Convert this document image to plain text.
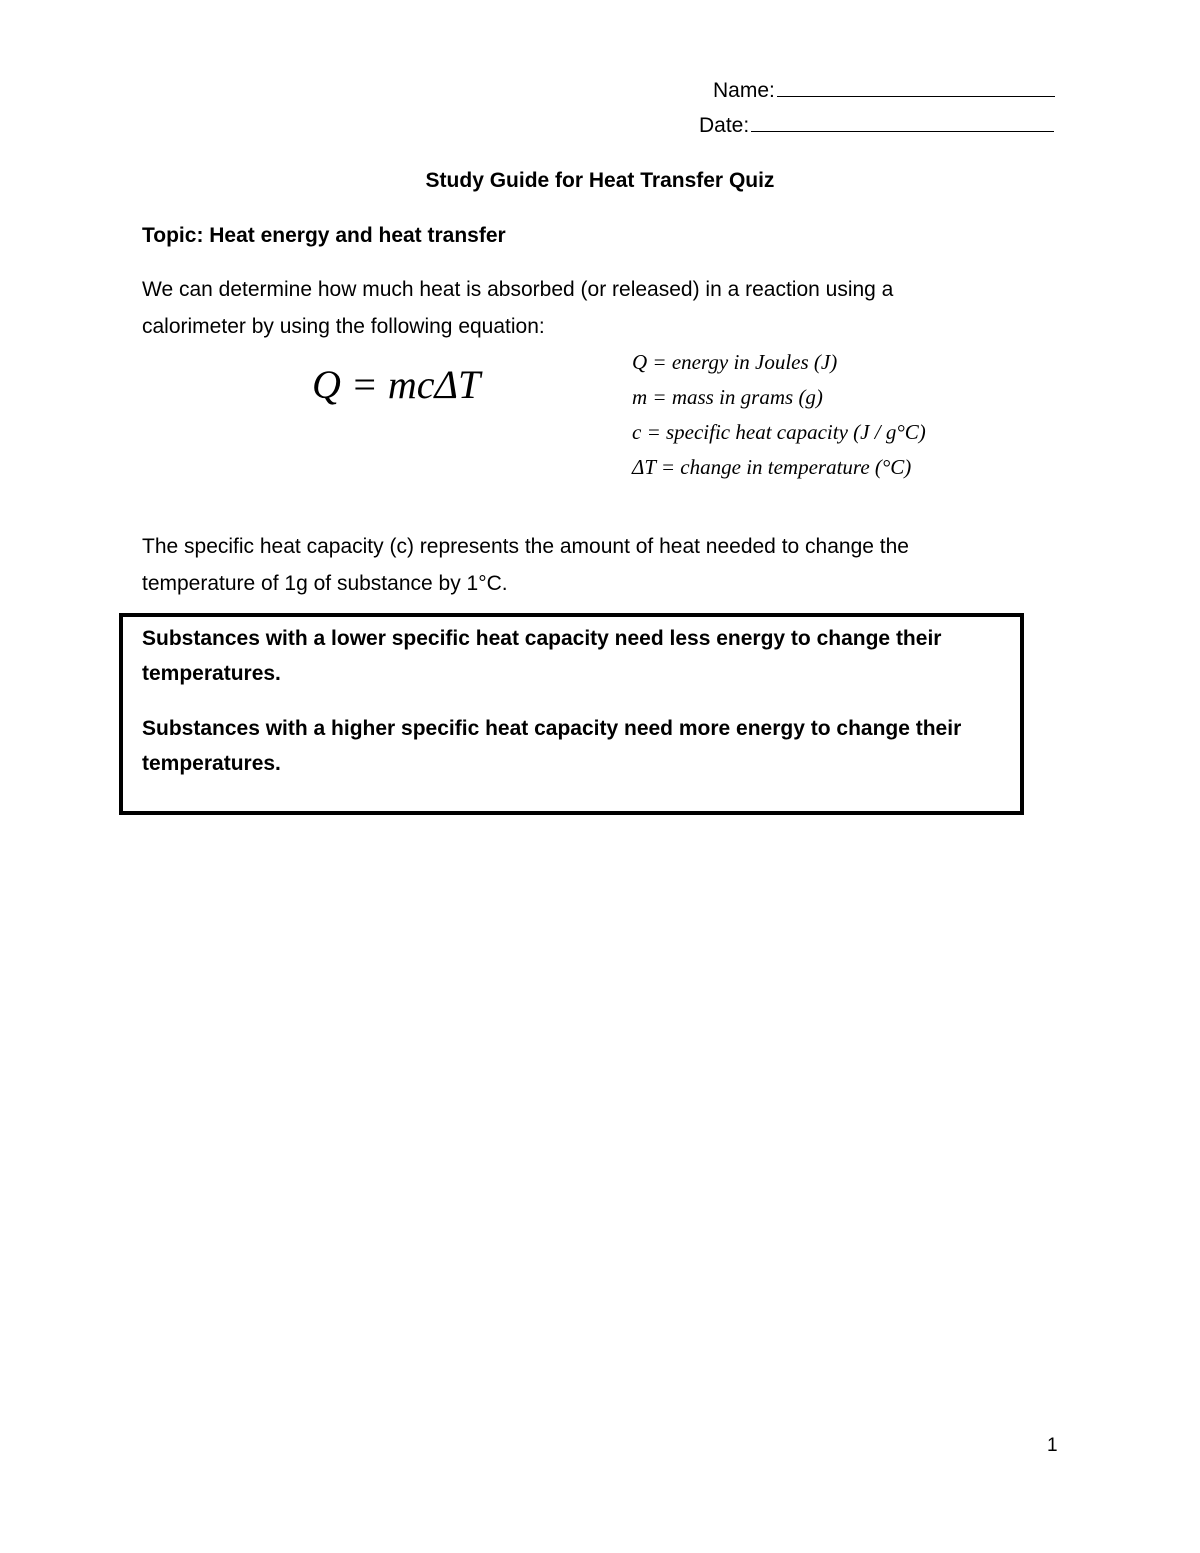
Name:
Date:
Study Guide for Heat Transfer Quiz
Topic: Heat energy and heat transfer
We can determine how much heat is absorbed (or released) in a reaction using a
calorimeter by using the following equation:
Q = mcΔT	Q = energy in Joules (J)
m = mass in grams (g)
c = specific heat capacity (J / g°C)
ΔT = change in temperature (°C)
The specific heat capacity (c) represents the amount of heat needed to change the
temperature of 1g of substance by 1°C.
Substances with a lower specific heat capacity need less energy to change their
temperatures.
Substances with a higher specific heat capacity need more energy to change their
temperatures.
1
